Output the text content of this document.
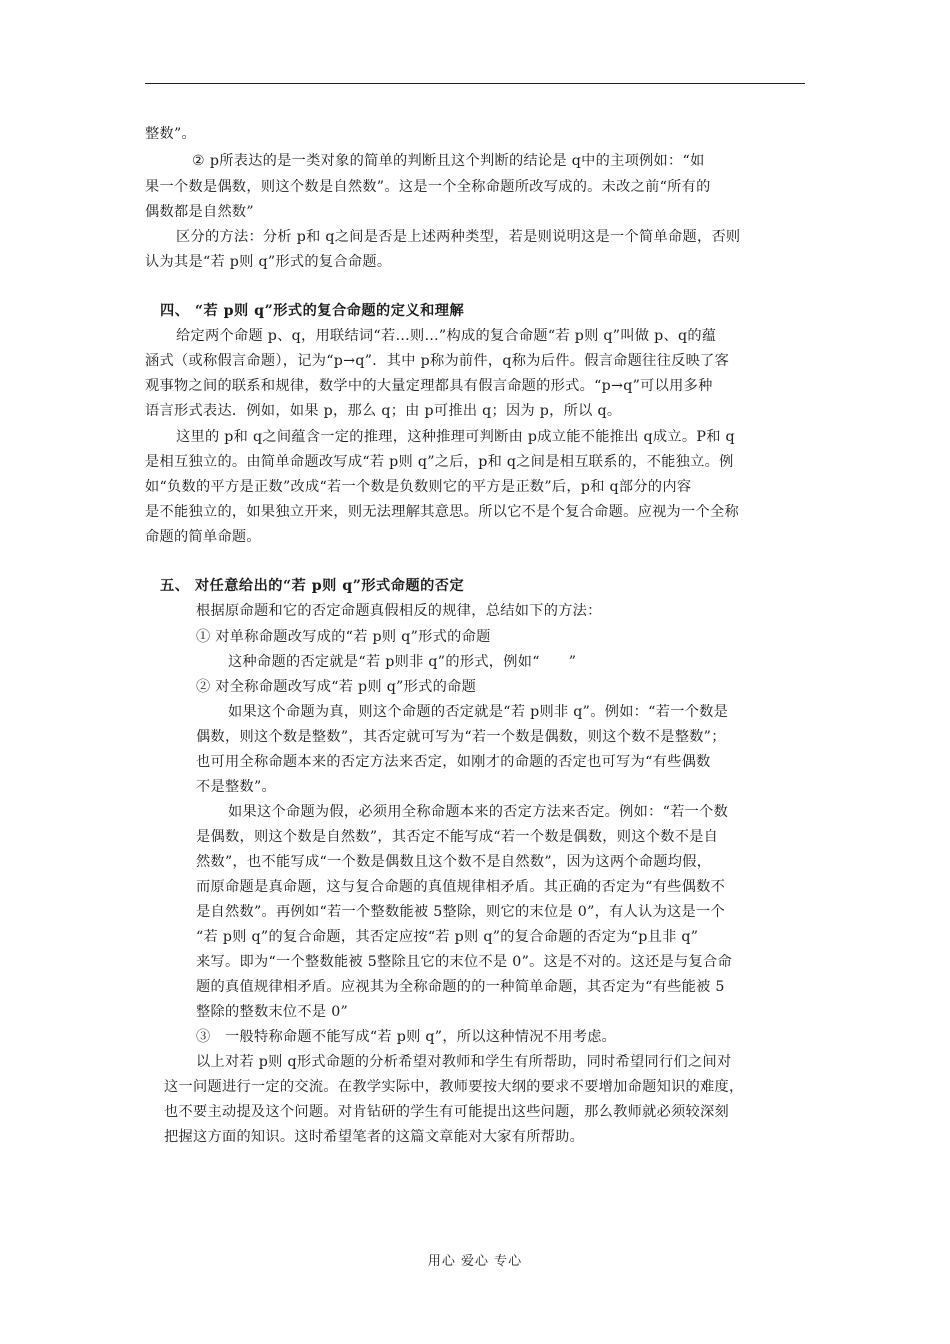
整数”。
② p所表达的是一类对象的简单的判断且这个判断的结论是 q中的主项例如：“如
果一个数是偶数，则这个数是自然数”。这是一个全称命题所改写成的。未改之前“所有的
偶数都是自然数”
区分的方法：分析 p和 q之间是否是上述两种类型，若是则说明这是一个简单命题，否则
认为其是“若 p则 q”形式的复合命题。
四、 “若 p则 q”形式的复合命题的定义和理解
给定两个命题 p、q，用联结词“若…则…”构成的复合命题“若 p则 q”叫做 p、q的蕴
涵式（或称假言命题），记为“p→q”．其中 p称为前件，q称为后件。假言命题往往反映了客
观事物之间的联系和规律，数学中的大量定理都具有假言命题的形式。“p→q”可以用多种
语言形式表达．例如，如果 p，那么 q；由 p可推出 q；因为 p，所以 q。
这里的 p和 q之间蕴含一定的推理，这种推理可判断由 p成立能不能推出 q成立。P和 q
是相互独立的。由简单命题改写成“若 p则 q”之后，p和 q之间是相互联系的，不能独立。例
如“负数的平方是正数”改成“若一个数是负数则它的平方是正数”后，p和 q部分的内容
是不能独立的，如果独立开来，则无法理解其意思。所以它不是个复合命题。应视为一个全称
命题的简单命题。
五、 对任意给出的“若 p则 q”形式命题的否定
根据原命题和它的否定命题真假相反的规律，总结如下的方法：
① 对单称命题改写成的“若 p则 q”形式的命题
这种命题的否定就是“若 p则非 q”的形式，例如“　　”
② 对全称命题改写成“若 p则 q”形式的命题
如果这个命题为真，则这个命题的否定就是“若 p则非 q”。例如：“若一个数是
偶数，则这个数是整数”，其否定就可写为“若一个数是偶数，则这个数不是整数”；
也可用全称命题本来的否定方法来否定，如刚才的命题的否定也可写为“有些偶数
不是整数”。
如果这个命题为假，必须用全称命题本来的否定方法来否定。例如：“若一个数
是偶数，则这个数是自然数”，其否定不能写成“若一个数是偶数，则这个数不是自
然数”，也不能写成“一个数是偶数且这个数不是自然数”，因为这两个命题均假，
而原命题是真命题，这与复合命题的真值规律相矛盾。其正确的否定为“有些偶数不
是自然数”。再例如“若一个整数能被 5整除，则它的末位是 0”，有人认为这是一个
“若 p则 q”的复合命题，其否定应按“若 p则 q”的复合命题的否定为“p且非 q”
来写。即为“一个整数能被 5整除且它的末位不是 0”。这是不对的。这还是与复合命
题的真值规律相矛盾。应视其为全称命题的的一种简单命题，其否定为“有些能被 5
整除的整数末位不是 0”
③　一般特称命题不能写成“若 p则 q”，所以这种情况不用考虑。
以上对若 p则 q形式命题的分析希望对教师和学生有所帮助，同时希望同行们之间对
这一问题进行一定的交流。在教学实际中，教师要按大纲的要求不要增加命题知识的难度，
也不要主动提及这个问题。对肯钻研的学生有可能提出这些问题，那么教师就必须较深刻
把握这方面的知识。这时希望笔者的这篇文章能对大家有所帮助。
用心 爱心 专心
